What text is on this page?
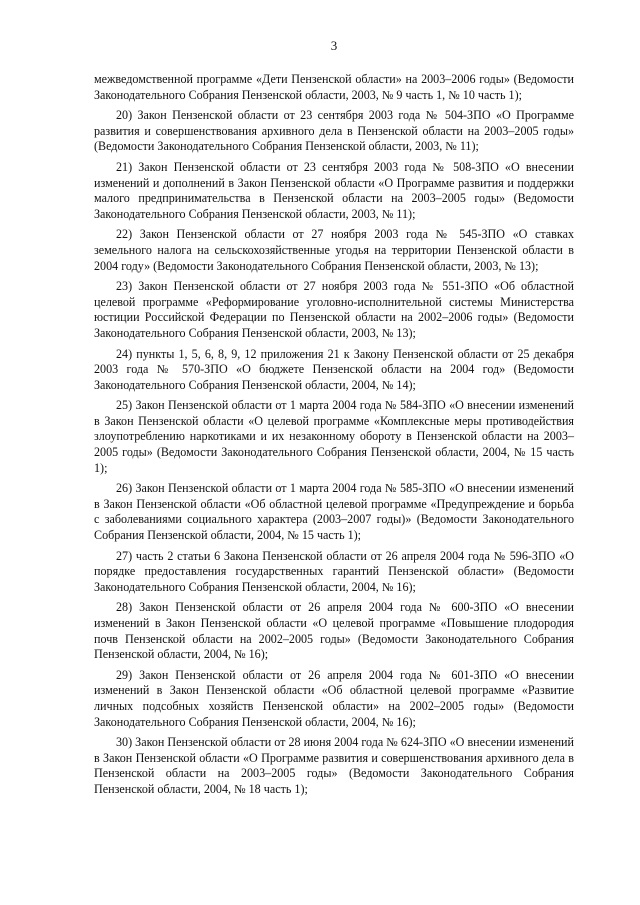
3

межведомственной программе «Дети Пензенской области» на 2003–2006 годы» (Ведомости Законодательного Собрания Пензенской области, 2003, № 9 часть 1, № 10 часть 1);

20) Закон Пензенской области от 23 сентября 2003 года № 504-ЗПО «О Программе развития и совершенствования архивного дела в Пензенской области на 2003–2005 годы» (Ведомости Законодательного Собрания Пензенской области, 2003, № 11);

21) Закон Пензенской области от 23 сентября 2003 года № 508-ЗПО «О внесении изменений и дополнений в Закон Пензенской области «О Программе развития и поддержки малого предпринимательства в Пензенской области на 2003–2005 годы» (Ведомости Законодательного Собрания Пензенской области, 2003, № 11);

22) Закон Пензенской области от 27 ноября 2003 года № 545-ЗПО «О ставках земельного налога на сельскохозяйственные угодья на территории Пензенской области в 2004 году» (Ведомости Законодательного Собрания Пензенской области, 2003, № 13);

23) Закон Пензенской области от 27 ноября 2003 года № 551-ЗПО «Об областной целевой программе «Реформирование уголовно-исполнительной системы Министерства юстиции Российской Федерации по Пензенской области на 2002–2006 годы» (Ведомости Законодательного Собрания Пензенской области, 2003, № 13);

24) пункты 1, 5, 6, 8, 9, 12 приложения 21 к Закону Пензенской области от 25 декабря 2003 года № 570-ЗПО «О бюджете Пензенской области на 2004 год» (Ведомости Законодательного Собрания Пензенской области, 2004, № 14);

25) Закон Пензенской области от 1 марта 2004 года № 584-ЗПО «О внесении изменений в Закон Пензенской области «О целевой программе «Комплексные меры противодействия злоупотреблению наркотиками и их незаконному обороту в Пензенской области на 2003–2005 годы» (Ведомости Законодательного Собрания Пензенской области, 2004, № 15 часть 1);

26) Закон Пензенской области от 1 марта 2004 года № 585-ЗПО «О внесении изменений в Закон Пензенской области «Об областной целевой программе «Предупреждение и борьба с заболеваниями социального характера (2003–2007 годы)» (Ведомости Законодательного Собрания Пензенской области, 2004, № 15 часть 1);

27) часть 2 статьи 6 Закона Пензенской области от 26 апреля 2004 года № 596-ЗПО «О порядке предоставления государственных гарантий Пензенской области» (Ведомости Законодательного Собрания Пензенской области, 2004, № 16);

28) Закон Пензенской области от 26 апреля 2004 года № 600-ЗПО «О внесении изменений в Закон Пензенской области «О целевой программе «Повышение плодородия почв Пензенской области на 2002–2005 годы» (Ведомости Законодательного Собрания Пензенской области, 2004, № 16);

29) Закон Пензенской области от 26 апреля 2004 года № 601-ЗПО «О внесении изменений в Закон Пензенской области «Об областной целевой программе «Развитие личных подсобных хозяйств Пензенской области» на 2002–2005 годы» (Ведомости Законодательного Собрания Пензенской области, 2004, № 16);

30) Закон Пензенской области от 28 июня 2004 года № 624-ЗПО «О внесении изменений в Закон Пензенской области «О Программе развития и совершенствования архивного дела в Пензенской области на 2003–2005 годы» (Ведомости Законодательного Собрания Пензенской области, 2004, № 18 часть 1);
